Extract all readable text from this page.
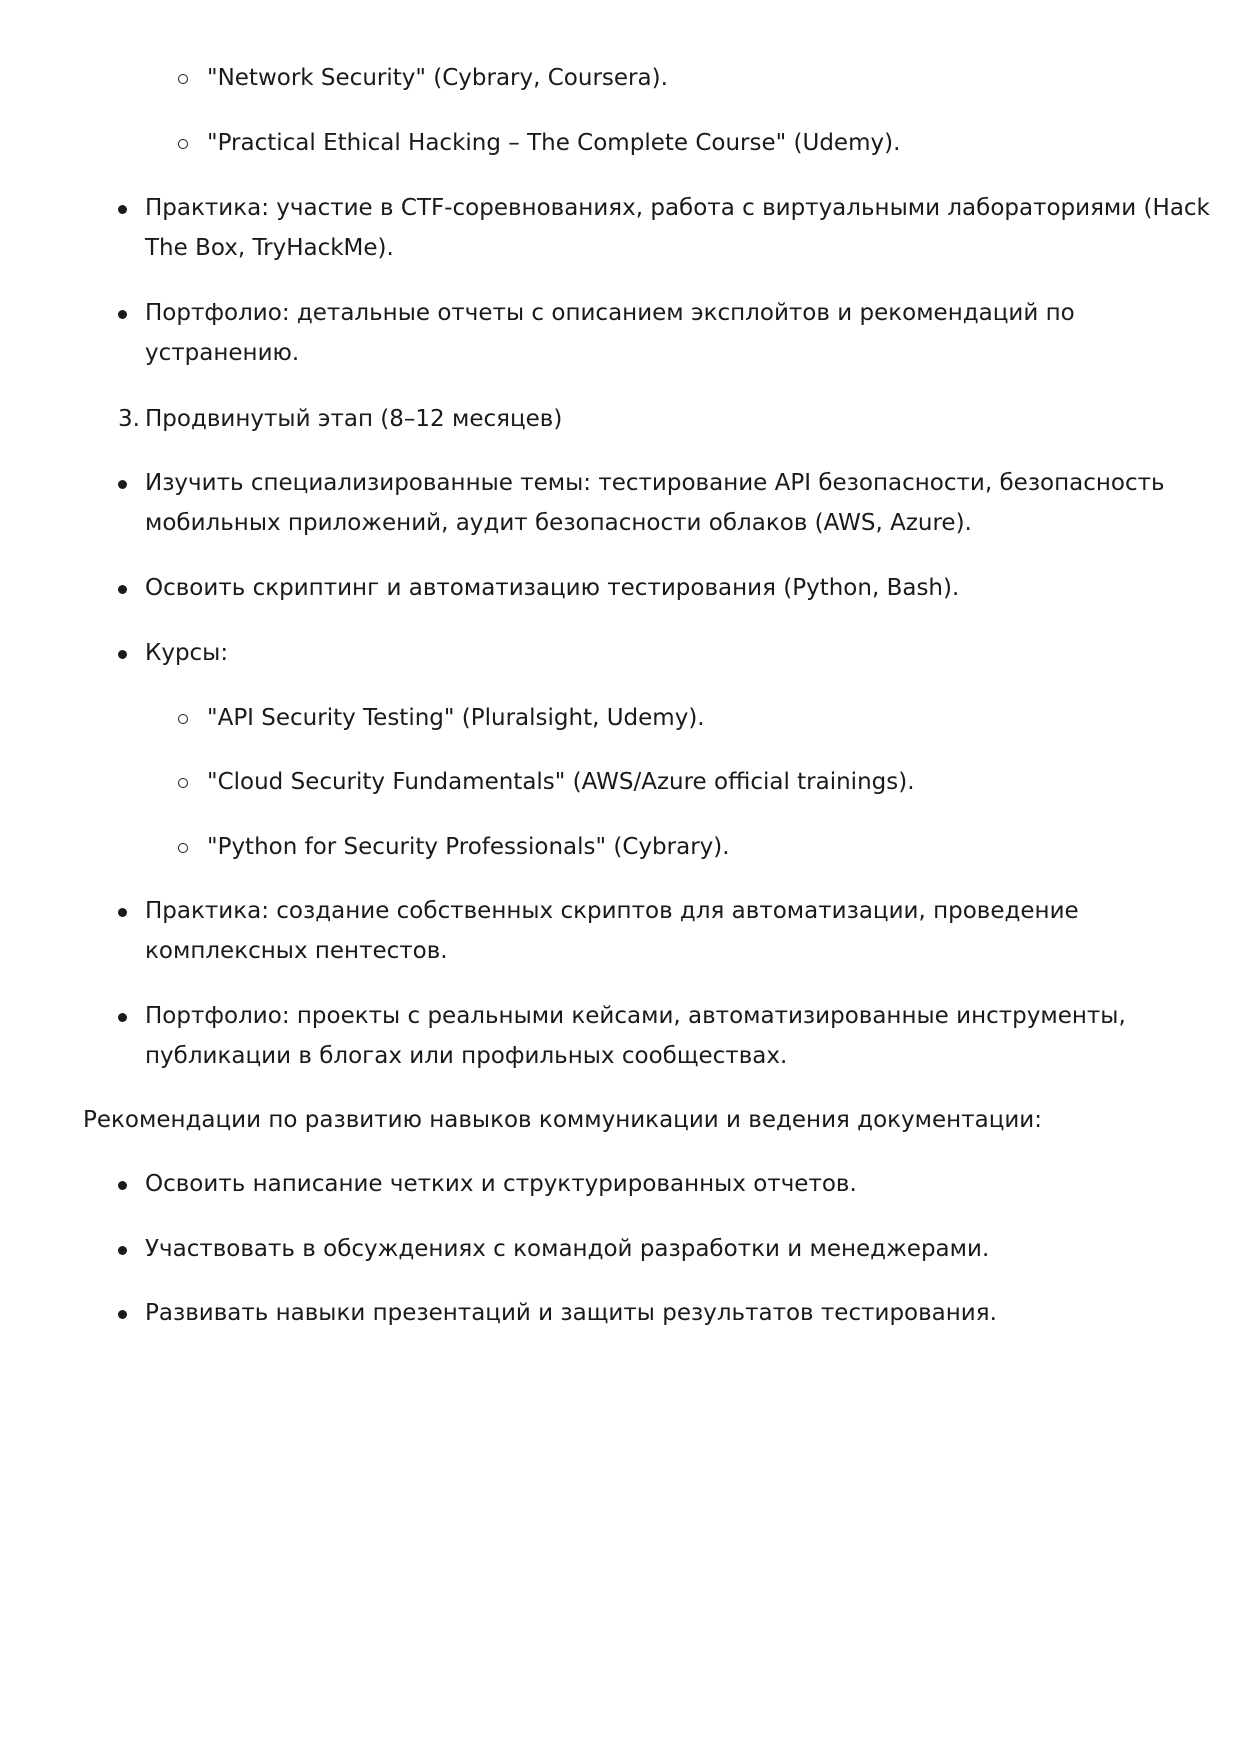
"Network Security" (Cybrary, Coursera).
"Practical Ethical Hacking – The Complete Course" (Udemy).
Практика: участие в CTF-соревнованиях, работа с виртуальными лабораториями (Hack
The Box, TryHackMe).
Портфолио: детальные отчеты с описанием эксплойтов и рекомендаций по
устранению.
3. Продвинутый этап (8–12 месяцев)
Изучить специализированные темы: тестирование API безопасности, безопасность
мобильных приложений, аудит безопасности облаков (AWS, Azure).
Освоить скриптинг и автоматизацию тестирования (Python, Bash).
Курсы:
"API Security Testing" (Pluralsight, Udemy).
"Cloud Security Fundamentals" (AWS/Azure official trainings).
"Python for Security Professionals" (Cybrary).
Практика: создание собственных скриптов для автоматизации, проведение
комплексных пентестов.
Портфолио: проекты с реальными кейсами, автоматизированные инструменты,
публикации в блогах или профильных сообществах.
Рекомендации по развитию навыков коммуникации и ведения документации:
Освоить написание четких и структурированных отчетов.
Участвовать в обсуждениях с командой разработки и менеджерами.
Развивать навыки презентаций и защиты результатов тестирования.
